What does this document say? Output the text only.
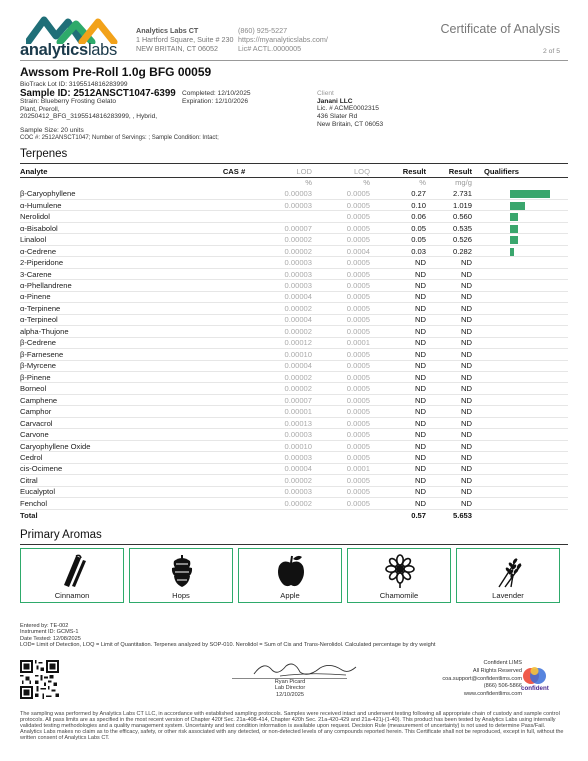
analyticslabs
Analytics Labs CT
1 Hartford Square, Suite # 230
NEW BRITAIN, CT 06052
(860) 925-5227
https://myanalyticslabs.com/
Lic# ACTL.0000005
Certificate of Analysis
2 of 5
Awssom Pre-Roll 1.0g BFG 00059
BioTrack Lot ID: 3195514816283999
Sample ID: 2512ANSCT1047-6399
Strain: Blueberry Frosting Gelato
Plant, Preroll,
20250412_BFG_3195514816283999, , Hybrid,
Completed: 12/10/2025
Expiration: 12/10/2026
Sample Size: 20 units
COC #: 2512ANSCT1047; Number of Servings: ; Sample Condition: Intact;
Client
Janani LLC
Lic. # ACME0002315
436 Slater Rd
New Britain, CT 06053
Terpenes
Analyte	CAS #	LOD	LOQ	Result	Result	Qualifiers
		%	%	%	mg/g	
β-Caryophyllene		0.00003	0.0005	0.27	2.731	
α-Humulene		0.00003	0.0005	0.10	1.019	
Nerolidol			0.0005	0.06	0.560	
α-Bisabolol		0.00007	0.0005	0.05	0.535	
Linalool		0.00002	0.0005	0.05	0.526	
α-Cedrene		0.00002	0.0004	0.03	0.282	
2-Piperidone		0.00003	0.0005	ND	ND	
3-Carene		0.00003	0.0005	ND	ND	
α-Phellandrene		0.00003	0.0005	ND	ND	
α-Pinene		0.00004	0.0005	ND	ND	
α-Terpinene		0.00002	0.0005	ND	ND	
α-Terpineol		0.00004	0.0005	ND	ND	
alpha-Thujone		0.00002	0.0005	ND	ND	
β-Cedrene		0.00012	0.0001	ND	ND	
β-Farnesene		0.00010	0.0005	ND	ND	
β-Myrcene		0.00004	0.0005	ND	ND	
β-Pinene		0.00002	0.0005	ND	ND	
Borneol		0.00002	0.0005	ND	ND	
Camphene		0.00007	0.0005	ND	ND	
Camphor		0.00001	0.0005	ND	ND	
Carvacrol		0.00013	0.0005	ND	ND	
Carvone		0.00003	0.0005	ND	ND	
Caryophyllene Oxide		0.00010	0.0005	ND	ND	
Cedrol		0.00003	0.0005	ND	ND	
cis-Ocimene		0.00004	0.0001	ND	ND	
Citral		0.00002	0.0005	ND	ND	
Eucalyptol		0.00003	0.0005	ND	ND	
Fenchol		0.00002	0.0005	ND	ND	
Total				0.57	5.653	
Primary Aromas
Cinnamon	Hops	Apple	Chamomile	Lavender
Entered by: TE-002
Instrument ID: GCMS-1
Date Tested: 12/08/2025
LOD= Limit of Detection, LOQ = Limit of Quantitation. Terpenes analyzed by SOP-010. Nerolidol = Sum of Cis and Trans-Nerolidol. Calculated percentage by dry weight
Ryan Picard
Lab Director
12/10/2025
Confident LIMS
All Rights Reserved
coa.support@confidentlims.com
(866) 506-5866
www.confidentlims.com
confident
The sampling was performed by Analytics Labs CT LLC, in accordance with established sampling protocols. Samples were received intact and underwent testing following all appropriate chain of custody and sample control protocols. All pass limits are as specified in the most recent version of Chapter 420f Sec. 21a-408-414, Chapter 420h Sec. 21a-420-429 and 21a-421j-(1-40). This product has been tested by Analytics Labs using internally validated testing methodologies and a quality management system. Uncertainty and test condition information is available upon request. Decision Rule (measurement of uncertainty) is not used to determine Pass/Fail. Analytics Labs makes no claim as to the efficacy, safety, or other risk associated with any detected, or non-detected levels of any compounds reported herein. This Certificate shall not be reproduced, except in full, without the written consent of Analytics Labs CT.
